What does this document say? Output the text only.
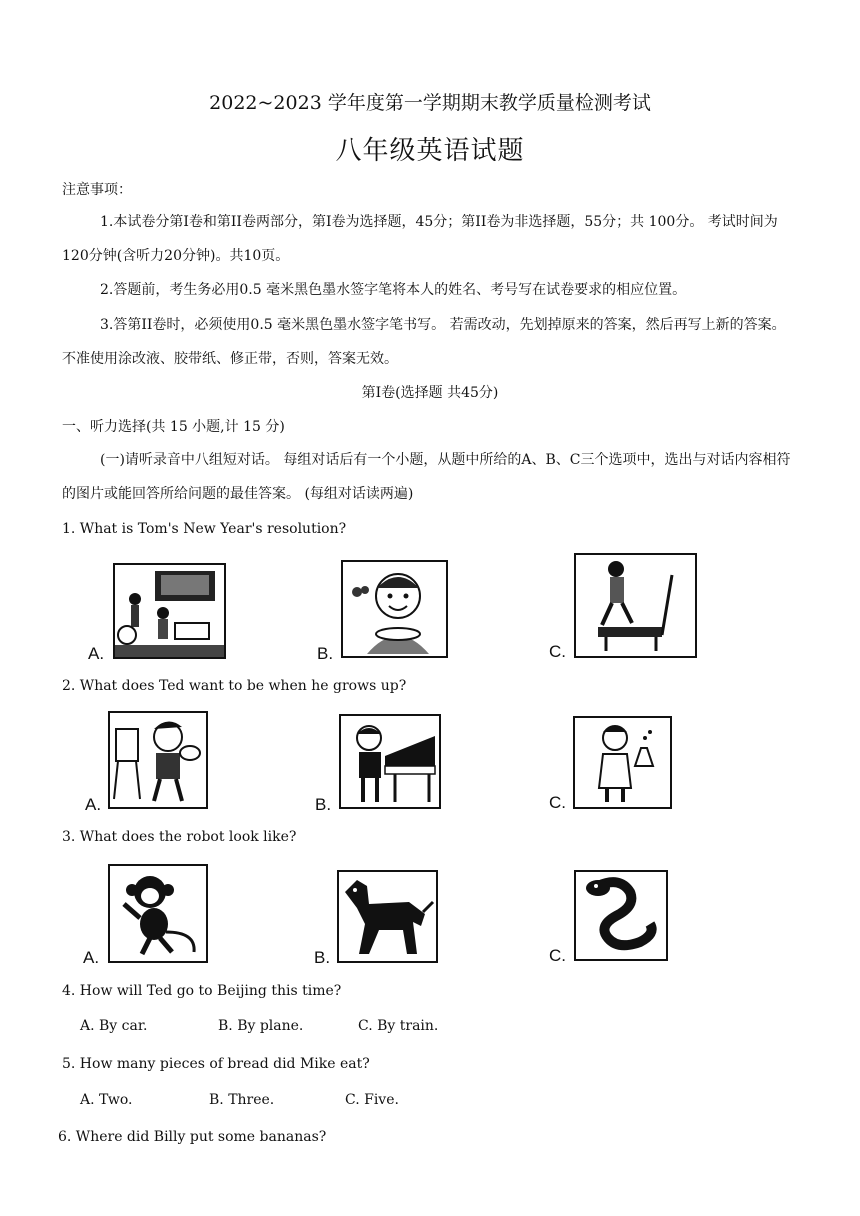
2022~2023 学年度第一学期期末教学质量检测考试
八年级英语试题
注意事项：
1.本试卷分第I卷和第II卷两部分，第I卷为选择题，45分；第II卷为非选择题，55分；共 100分。 考试时间为120分钟(含听力20分钟)。共10页。
2.答题前，考生务必用0.5 毫米黑色墨水签字笔将本人的姓名、考号写在试卷要求的相应位置。
3.答第II卷时，必须使用0.5 毫米黑色墨水签字笔书写。 若需改动，先划掉原来的答案，然后再写上新的答案。 不准使用涂改液、胶带纸、修正带，否则，答案无效。
第I卷(选择题 共45分)
一、听力选择(共 15 小题,计 15 分)
(一)请听录音中八组短对话。 每组对话后有一个小题，从题中所给的A、B、C三个选项中，选出与对话内容相符的图片或能回答所给问题的最佳答案。 (每组对话读两遍)
1. What is Tom's New Year's resolution?
A.	B.	C.
2. What does Ted want to be when he grows up?
A.	B.	C.
3. What does the robot look like?
A.	B.	C.
4. How will Ted go to Beijing this time?
A. By car.	B. By plane.	C. By train.
5. How many pieces of bread did Mike eat?
A. Two.	B. Three.	C. Five.
6. Where did Billy put some bananas?
